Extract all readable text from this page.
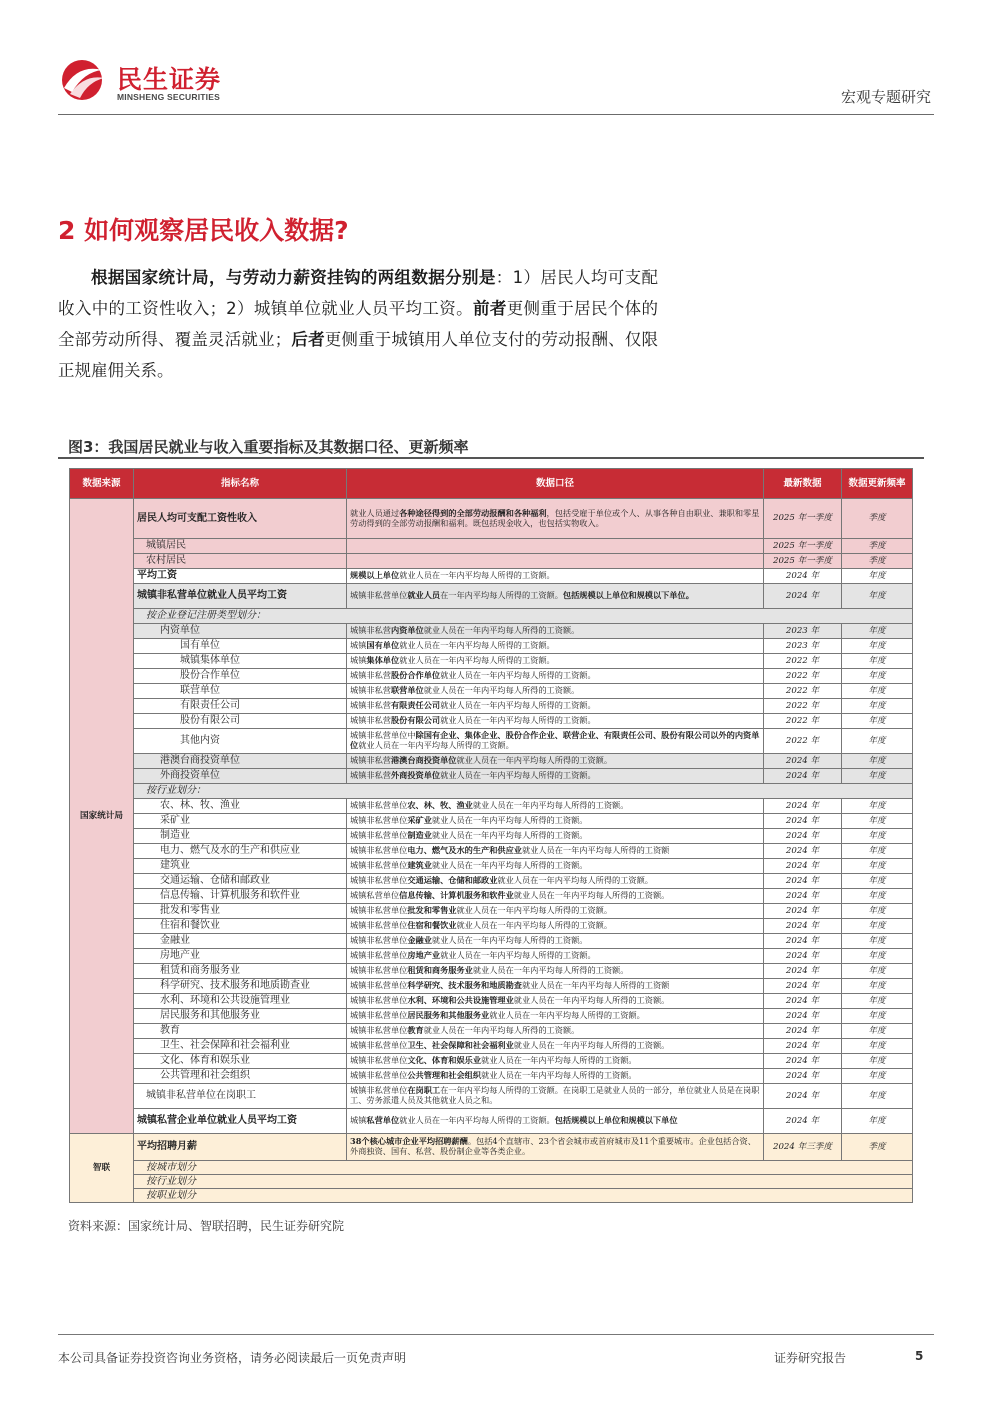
民生证券
MINSHENG SECURITIES	宏观专题研究
2 如何观察居民收入数据?
根据国家统计局，与劳动力薪资挂钩的两组数据分别是：1）居民人均可支配收入中的工资性收入；2）城镇单位就业人员平均工资。前者更侧重于居民个体的全部劳动所得、覆盖灵活就业；后者更侧重于城镇用人单位支付的劳动报酬、仅限正规雇佣关系。
图3：我国居民就业与收入重要指标及其数据口径、更新频率
数据来源	指标名称	数据口径	最新数据	数据更新频率
国家统计局	居民人均可支配工资性收入	就业人员通过各种途径得到的全部劳动报酬和各种福利，包括受雇于单位或个人、从事各种自由职业、兼职和零星劳动得到的全部劳动报酬和福利。既包括现金收入，也包括实物收入。	2025 年一季度	季度
	城镇居民		2025 年一季度	季度
	农村居民		2025 年一季度	季度
	平均工资	规模以上单位就业人员在一年内平均每人所得的工资额。	2024 年	年度
	城镇非私营单位就业人员平均工资	城镇非私营单位就业人员在一年内平均每人所得的工资额。包括规模以上单位和规模以下单位。	2024 年	年度
	按企业登记注册类型划分：			
	内资单位	城镇非私营内资单位就业人员在一年内平均每人所得的工资额。	2023 年	年度
	国有单位	城镇国有单位就业人员在一年内平均每人所得的工资额。	2023 年	年度
	城镇集体单位	城镇集体单位就业人员在一年内平均每人所得的工资额。	2022 年	年度
	股份合作单位	城镇非私营股份合作单位就业人员在一年内平均每人所得的工资额。	2022 年	年度
	联营单位	城镇非私营联营单位就业人员在一年内平均每人所得的工资额。	2022 年	年度
	有限责任公司	城镇非私营有限责任公司就业人员在一年内平均每人所得的工资额。	2022 年	年度
	股份有限公司	城镇非私营股份有限公司就业人员在一年内平均每人所得的工资额。	2022 年	年度
	其他内资	城镇非私营单位中除国有企业、集体企业、股份合作企业、联营企业、有限责任公司、股份有限公司以外的内资单位就业人员在一年内平均每人所得的工资额。	2022 年	年度
	港澳台商投资单位	城镇非私营港澳台商投资单位就业人员在一年内平均每人所得的工资额。	2024 年	年度
	外商投资单位	城镇非私营外商投资单位就业人员在一年内平均每人所得的工资额。	2024 年	年度
	按行业划分：			
	农、林、牧、渔业	城镇非私营单位农、林、牧、渔业就业人员在一年内平均每人所得的工资额。	2024 年	年度
	采矿业	城镇非私营单位采矿业就业人员在一年内平均每人所得的工资额。	2024 年	年度
	制造业	城镇非私营单位制造业就业人员在一年内平均每人所得的工资额。	2024 年	年度
	电力、燃气及水的生产和供应业	城镇非私营单位电力、燃气及水的生产和供应业就业人员在一年内平均每人所得的工资额	2024 年	年度
	建筑业	城镇非私营单位建筑业就业人员在一年内平均每人所得的工资额。	2024 年	年度
	交通运输、仓储和邮政业	城镇非私营单位交通运输、仓储和邮政业就业人员在一年内平均每人所得的工资额。	2024 年	年度
	信息传输、计算机服务和软件业	城镇私营单位信息传输、计算机服务和软件业就业人员在一年内平均每人所得的工资额。	2024 年	年度
	批发和零售业	城镇非私营单位批发和零售业就业人员在一年内平均每人所得的工资额。	2024 年	年度
	住宿和餐饮业	城镇非私营单位住宿和餐饮业就业人员在一年内平均每人所得的工资额。	2024 年	年度
	金融业	城镇非私营单位金融业就业人员在一年内平均每人所得的工资额。	2024 年	年度
	房地产业	城镇非私营单位房地产业就业人员在一年内平均每人所得的工资额。	2024 年	年度
	租赁和商务服务业	城镇非私营单位租赁和商务服务业就业人员在一年内平均每人所得的工资额。	2024 年	年度
	科学研究、技术服务和地质勘查业	城镇非私营单位科学研究、技术服务和地质勘查就业人员在一年内平均每人所得的工资额	2024 年	年度
	水利、环境和公共设施管理业	城镇非私营单位水利、环境和公共设施管理业就业人员在一年内平均每人所得的工资额。	2024 年	年度
	居民服务和其他服务业	城镇非私营单位居民服务和其他服务业就业人员在一年内平均每人所得的工资额。	2024 年	年度
	教育	城镇非私营单位教育就业人员在一年内平均每人所得的工资额。	2024 年	年度
	卫生、社会保障和社会福利业	城镇非私营单位卫生、社会保障和社会福利业就业人员在一年内平均每人所得的工资额。	2024 年	年度
	文化、体育和娱乐业	城镇非私营单位文化、体育和娱乐业就业人员在一年内平均每人所得的工资额。	2024 年	年度
	公共管理和社会组织	城镇非私营单位公共管理和社会组织就业人员在一年内平均每人所得的工资额。	2024 年	年度
	城镇非私营单位在岗职工	城镇非私营单位在岗职工在一年内平均每人所得的工资额。在岗职工是就业人员的一部分，单位就业人员是在岗职工、劳务派遣人员及其他就业人员之和。	2024 年	年度
	城镇私营企业单位就业人员平均工资	城镇私营单位就业人员在一年内平均每人所得的工资额。包括规模以上单位和规模以下单位	2024 年	年度
智联	平均招聘月薪	38个核心城市企业平均招聘薪酬。包括4个直辖市、23个省会城市或首府城市及11个重要城市。企业包括合资、外商独资、国有、私营、股份制企业等各类企业。	2024 年三季度	季度
	按城市划分			
	按行业划分			
	按职业划分			
资料来源：国家统计局、智联招聘，民生证券研究院
本公司具备证券投资咨询业务资格，请务必阅读最后一页免责声明	证券研究报告	5
